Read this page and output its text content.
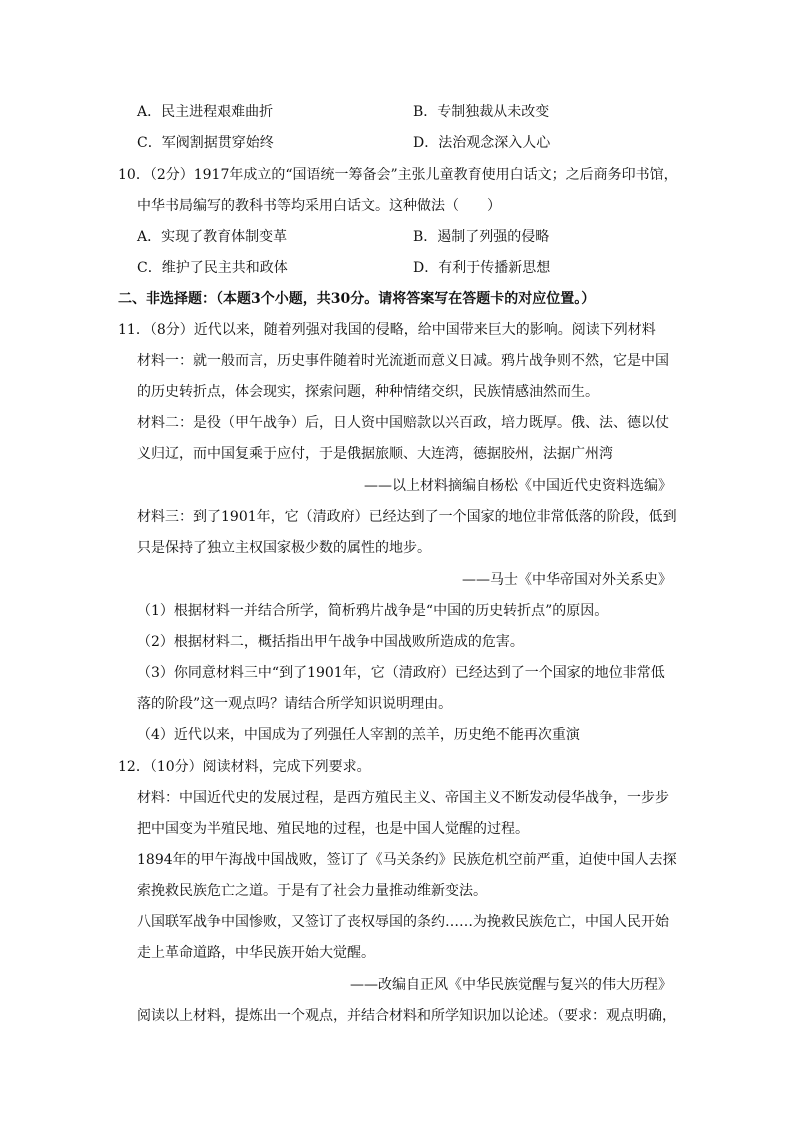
A．民主进程艰难曲折	B．专制独裁从未改变
C．军阀割据贯穿始终	D．法治观念深入人心
10．（2分）1917年成立的“国语统一筹备会”主张儿童教育使用白话文；之后商务印书馆，
中华书局编写的教科书等均采用白话文。这种做法（　　）
A．实现了教育体制变革	B．遏制了列强的侵略
C．维护了民主共和政体	D．有利于传播新思想
二、非选择题：（本题3个小题，共30分。请将答案写在答题卡的对应位置。）
11．（8分）近代以来，随着列强对我国的侵略，给中国带来巨大的影响。阅读下列材料
材料一：就一般而言，历史事件随着时光流逝而意义日减。鸦片战争则不然，它是中国
的历史转折点，体会现实，探索问题，种种情绪交织，民族情感油然而生。
材料二：是役（甲午战争）后，日人资中国赔款以兴百政，培力既厚。俄、法、德以仗
义归辽，而中国复乘于应付，于是俄据旅顺、大连湾，德据胶州，法据广州湾
——以上材料摘编自杨松《中国近代史资料选编》
材料三：到了1901年，它（清政府）已经达到了一个国家的地位非常低落的阶段，低到
只是保持了独立主权国家极少数的属性的地步。
——马士《中华帝国对外关系史》
（1）根据材料一并结合所学，简析鸦片战争是“中国的历史转折点”的原因。
（2）根据材料二，概括指出甲午战争中国战败所造成的危害。
（3）你同意材料三中“到了1901年，它（清政府）已经达到了一个国家的地位非常低
落的阶段”这一观点吗？请结合所学知识说明理由。
（4）近代以来，中国成为了列强任人宰割的羔羊，历史绝不能再次重演
12．（10分）阅读材料，完成下列要求。
材料：中国近代史的发展过程，是西方殖民主义、帝国主义不断发动侵华战争，一步步
把中国变为半殖民地、殖民地的过程，也是中国人觉醒的过程。
1894年的甲午海战中国战败，签订了《马关条约》民族危机空前严重，迫使中国人去探
索挽救民族危亡之道。于是有了社会力量推动维新变法。
八国联军战争中国惨败，又签订了丧权辱国的条约……为挽救民族危亡，中国人民开始
走上革命道路，中华民族开始大觉醒。
——改编自正风《中华民族觉醒与复兴的伟大历程》
阅读以上材料，提炼出一个观点，并结合材料和所学知识加以论述。（要求：观点明确，
